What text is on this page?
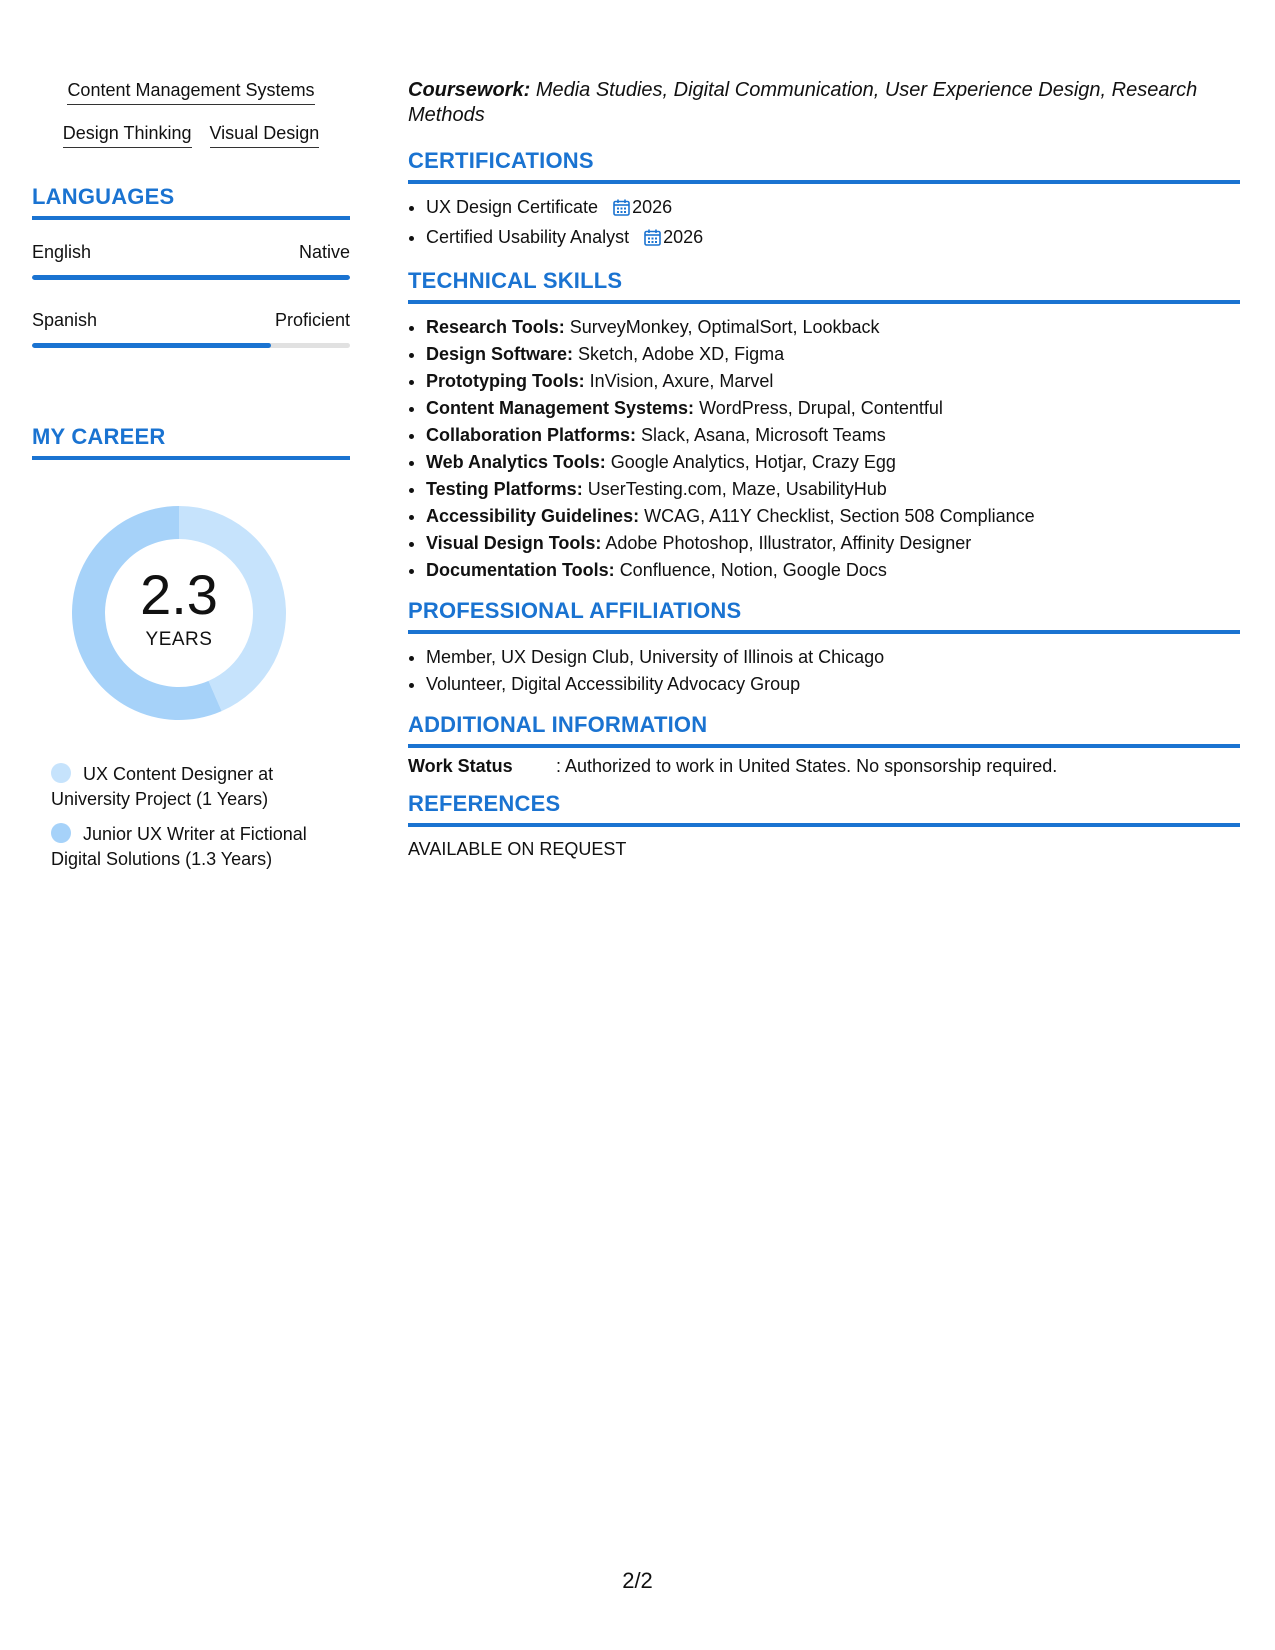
Content Management Systems
Design Thinking Visual Design
LANGUAGES
English	Native
Spanish	Proficient
MY CAREER
2.3
YEARS
UX Content Designer at University Project (1 Years)
Junior UX Writer at Fictional Digital Solutions (1.3 Years)
Coursework: Media Studies, Digital Communication, User Experience Design, Research Methods
CERTIFICATIONS
• UX Design Certificate 2026
• Certified Usability Analyst 2026
TECHNICAL SKILLS
• Research Tools: SurveyMonkey, OptimalSort, Lookback
• Design Software: Sketch, Adobe XD, Figma
• Prototyping Tools: InVision, Axure, Marvel
• Content Management Systems: WordPress, Drupal, Contentful
• Collaboration Platforms: Slack, Asana, Microsoft Teams
• Web Analytics Tools: Google Analytics, Hotjar, Crazy Egg
• Testing Platforms: UserTesting.com, Maze, UsabilityHub
• Accessibility Guidelines: WCAG, A11Y Checklist, Section 508 Compliance
• Visual Design Tools: Adobe Photoshop, Illustrator, Affinity Designer
• Documentation Tools: Confluence, Notion, Google Docs
PROFESSIONAL AFFILIATIONS
• Member, UX Design Club, University of Illinois at Chicago
• Volunteer, Digital Accessibility Advocacy Group
ADDITIONAL INFORMATION
Work Status	: Authorized to work in United States. No sponsorship required.
REFERENCES
AVAILABLE ON REQUEST
2/2
